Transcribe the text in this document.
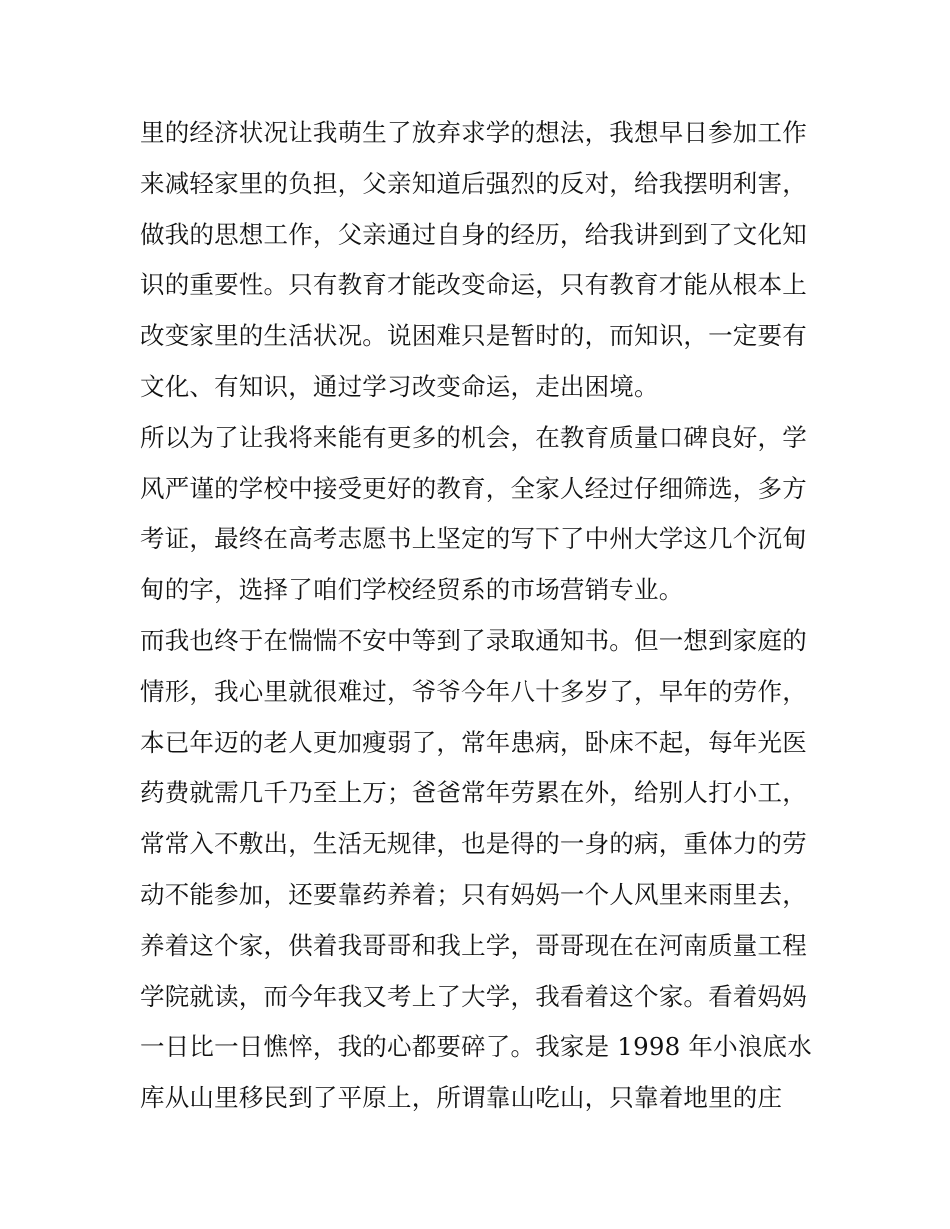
里的经济状况让我萌生了放弃求学的想法，我想早日参加工作
来减轻家里的负担，父亲知道后强烈的反对，给我摆明利害，
做我的思想工作，父亲通过自身的经历，给我讲到到了文化知
识的重要性。只有教育才能改变命运，只有教育才能从根本上
改变家里的生活状况。说困难只是暂时的，而知识，一定要有
文化、有知识，通过学习改变命运，走出困境。
所以为了让我将来能有更多的机会，在教育质量口碑良好，学
风严谨的学校中接受更好的教育，全家人经过仔细筛选，多方
考证，最终在高考志愿书上坚定的写下了中州大学这几个沉甸
甸的字，选择了咱们学校经贸系的市场营销专业。
而我也终于在惴惴不安中等到了录取通知书。但一想到家庭的
情形，我心里就很难过，爷爷今年八十多岁了，早年的劳作，
本已年迈的老人更加瘦弱了，常年患病，卧床不起，每年光医
药费就需几千乃至上万；爸爸常年劳累在外，给别人打小工，
常常入不敷出，生活无规律，也是得的一身的病，重体力的劳
动不能参加，还要靠药养着；只有妈妈一个人风里来雨里去，
养着这个家，供着我哥哥和我上学，哥哥现在在河南质量工程
学院就读，而今年我又考上了大学，我看着这个家。看着妈妈
一日比一日憔悴，我的心都要碎了。我家是 1998 年小浪底水
库从山里移民到了平原上，所谓靠山吃山，只靠着地里的庄
